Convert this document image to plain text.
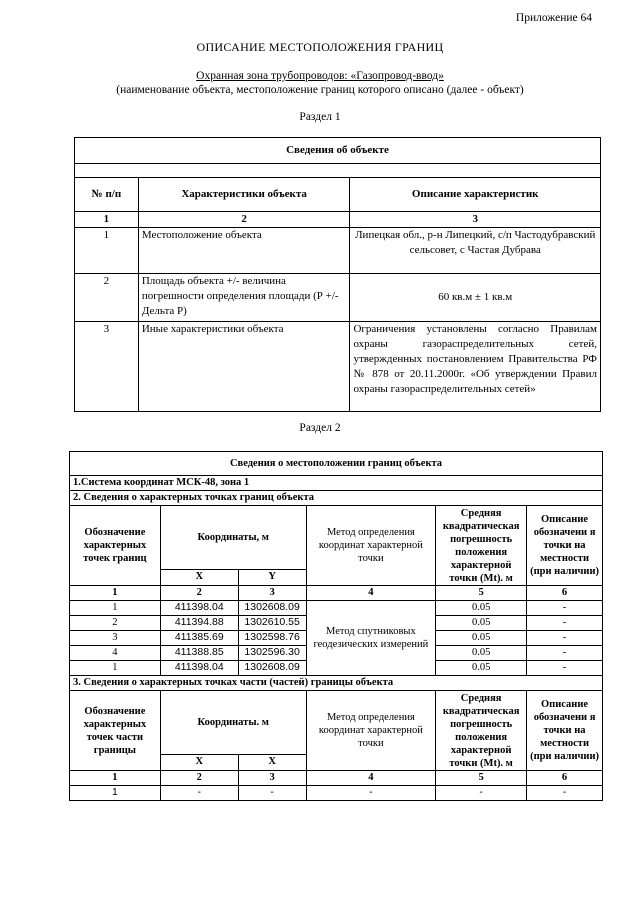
Приложение 64
ОПИСАНИЕ МЕСТОПОЛОЖЕНИЯ ГРАНИЦ
Охранная зона трубопроводов: «Газопровод-ввод»
(наименование объекта, местоположение границ которого описано (далее - объект)
Раздел 1
Сведения об объекте		

№ п/п	Характеристики объекта	Описание характеристик
1	2	3
1	Местоположение объекта	Липецкая обл., р-н Липецкий, с/п Частодубравский сельсовет, с Частая Дубрава
2	Площадь объекта +/- величина погрешности определения площади (Р +/- Дельта Р)	60 кв.м ± 1 кв.м
3	Иные характеристики объекта	Ограничения установлены согласно Правилам охраны газораспределительных сетей, утвержденных постановлением Правительства РФ № 878 от 20.11.2000г. «Об утверждении Правил охраны газораспределительных сетей»
Раздел 2
Сведения о местоположении границ объекта					
1.Система координат МСК-48, зона 1					
2. Сведения о характерных точках границ объекта					
Обозначение характерных точек границ	Координаты, м		Метод определения координат характерной точки	Средняя квадратическая погрешность положения характерной точки (Mt). м	Описание обозначени я точки на местности (при наличии)
	X	Y			
1	2	3	4	5	6
1	411398.04	1302608.09	Метод спутниковых геодезических измерений	0.05	-
2	411394.88	1302610.55		0.05	-
3	411385.69	1302598.76		0.05	-
4	411388.85	1302596.30		0.05	-
1	411398.04	1302608.09		0.05	-
3. Сведения о характерных точках части (частей) границы объекта					
Обозначение характерных точек части границы	Координаты. м		Метод определения координат характерной точки	Средняя квадратическая погрешность положения характерной точки (Mt). м	Описание обозначени я точки на местности (при наличии)
	X	X			
1	2	3	4	5	6
1	-	-	-	-	-
